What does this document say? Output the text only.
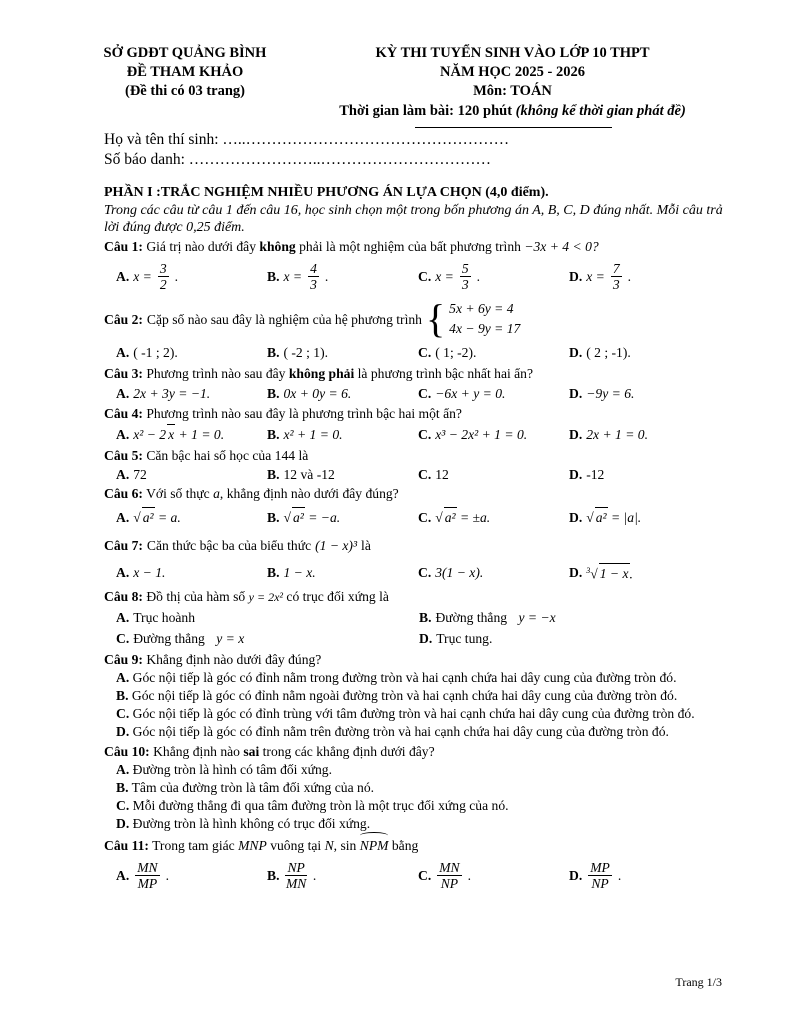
SỞ GDĐT QUẢNG BÌNH
ĐỀ THAM KHẢO
(Đề thi có 03 trang)
KỲ THI TUYỂN SINH VÀO LỚP 10 THPT
NĂM HỌC 2025 - 2026
Môn: TOÁN
Thời gian làm bài: 120 phút (không kể thời gian phát đề)
Họ và tên thí sinh: …..……………………………………………
Số báo danh: ……………………..……………………………
PHẦN I :TRẮC NGHIỆM NHIỀU PHƯƠNG ÁN LỰA CHỌN (4,0 điểm).
Trong các câu từ câu 1 đến câu 16, học sinh chọn một trong bốn phương án A, B, C, D đúng nhất. Mỗi câu trả lời đúng được 0,25 điểm.
Câu 1: Giá trị nào dưới đây không phải là một nghiệm của bất phương trình −3x + 4 < 0?
A. $x = \frac{3}{2}$ .	B. $x = \frac{4}{3}$ .	C. $x = \frac{5}{3}$ .	D. $x = \frac{7}{3}$ .
Câu 2: Cặp số nào sau đây là nghiệm của hệ phương trình { 5x + 6y = 4
4x − 9y = 17
A. ( -1 ; 2).	B. ( -2 ; 1).	C. ( 1; -2).	D. ( 2 ; -1).
Câu 3: Phương trình nào sau đây không phải là phương trình bậc nhất hai ẩn?
A. 2x + 3y = −1.	B. 0x + 0y = 6.	C. −6x + y = 0.	D. −9y = 6.
Câu 4: Phương trình nào sau đây là phương trình bậc hai một ẩn?
A. x² − 2 x + 1 = 0.	B. x² + 1 = 0.	C. x³ − 2x² + 1 = 0.	D. 2x + 1 = 0.
Câu 5: Căn bậc hai số học của 144 là
A. 72	B. 12 và -12	C. 12	D. -12
Câu 6: Với số thực a, khẳng định nào dưới đây đúng?
A. √ a² = a.	B. √ a² = −a.	C. √ a² = ±a.	D. √ a² = |a|.
Câu 7: Căn thức bậc ba của biểu thức (1 − x)³ là
A. x − 1.	B. 1 − x.	C. 3(1 − x).	D. $^3$√ 1 − x.
Câu 8: Đồ thị của hàm số y = 2x² có trục đối xứng là
A. Trục hoành	B. Đường thẳng
y = −x
C. Đường thẳng
y = x	D. Trục tung.
Câu 9: Khẳng định nào dưới đây đúng?
A. Góc nội tiếp là góc có đỉnh nằm trong đường tròn và hai cạnh chứa hai dây cung của đường tròn đó.
B. Góc nội tiếp là góc có đỉnh nằm ngoài đường tròn và hai cạnh chứa hai dây cung của đường tròn đó.
C. Góc nội tiếp là góc có đỉnh trùng với tâm đường tròn và hai cạnh chứa hai dây cung của đường tròn đó.
D. Góc nội tiếp là góc có đỉnh nằm trên đường tròn và hai cạnh chứa hai dây cung của đường tròn đó.
Câu 10: Khẳng định nào sai trong các khẳng định dưới đây?
A. Đường tròn là hình có tâm đối xứng.
B. Tâm của đường tròn là tâm đối xứng của nó.
C. Mỗi đường thẳng đi qua tâm đường tròn là một trục đối xứng của nó.
D. Đường tròn là hình không có trục đối xứng.
Câu 11: Trong tam giác MNP vuông tại N, sin NPM bằng
A. $\frac{MN}{MP}$ .	B. $\frac{NP}{MN}$ .	C. $\frac{MN}{NP}$ .	D. $\frac{MP}{NP}$ .
Trang 1/3
